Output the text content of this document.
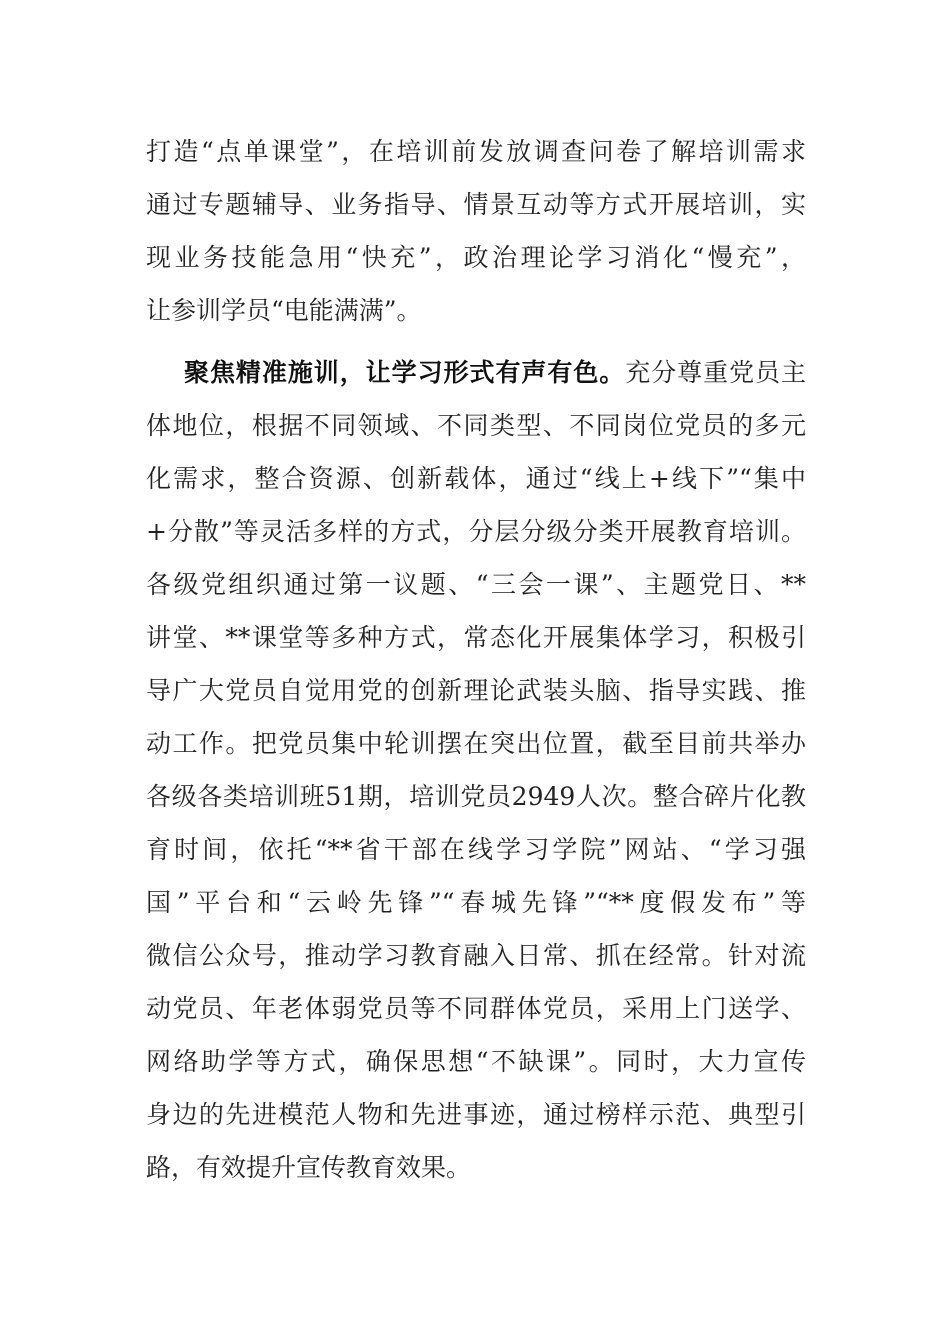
打造“点单课堂”，在培训前发放调查问卷了解培训需求
通过专题辅导、业务指导、情景互动等方式开展培训，实
现业务技能急用“快充”，政治理论学习消化“慢充”，
让参训学员“电能满满”。
聚焦精准施训，让学习形式有声有色。充分尊重党员主
体地位，根据不同领域、不同类型、不同岗位党员的多元
化需求，整合资源、创新载体，通过“线上+线下”“集中
+分散”等灵活多样的方式，分层分级分类开展教育培训。
各级党组织通过第一议题、“三会一课”、主题党日、**
讲堂、**课堂等多种方式，常态化开展集体学习，积极引
导广大党员自觉用党的创新理论武装头脑、指导实践、推
动工作。把党员集中轮训摆在突出位置，截至目前共举办
各级各类培训班51期，培训党员2949人次。整合碎片化教
育时间，依托“**省干部在线学习学院”网站、“学习强
国”平台和“云岭先锋”“春城先锋”“**度假发布”等
微信公众号，推动学习教育融入日常、抓在经常。针对流
动党员、年老体弱党员等不同群体党员，采用上门送学、
网络助学等方式，确保思想“不缺课”。同时，大力宣传
身边的先进模范人物和先进事迹，通过榜样示范、典型引
路，有效提升宣传教育效果。
